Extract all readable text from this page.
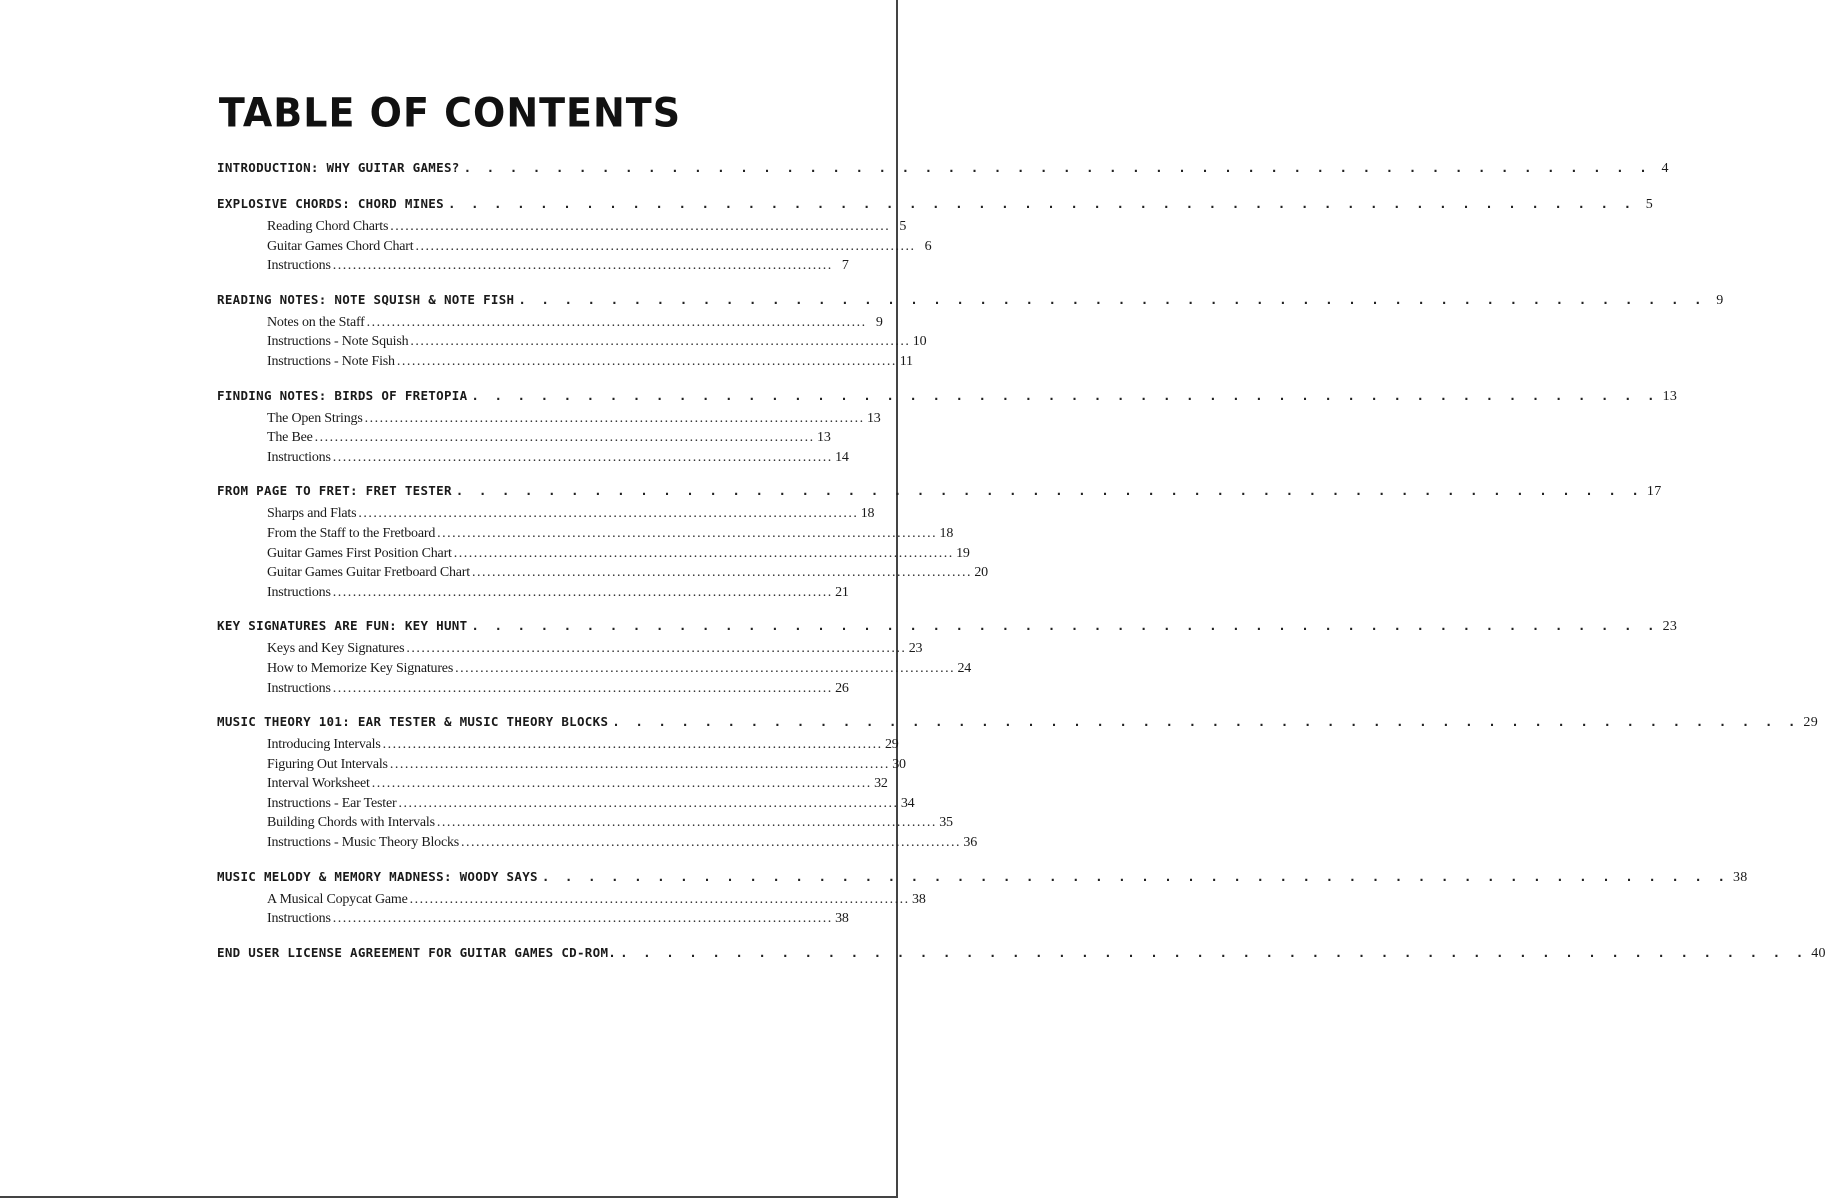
TABLE OF CONTENTS
INTRODUCTION: WHY GUITAR GAMES? . . . . . . . . . . . . . . . . . . . . . . . . . . . . . . . . . . . . . . . . . . . . . . . . . . . . 4
EXPLOSIVE CHORDS: CHORD MINES . . . . . . . . . . . . . . . . . . . . . . . . . . . . . . . . . . . . . . . . . . . . . . . . . . . . 5
Reading Chord Charts .................................................................................................... 5
Guitar Games Chord Chart .................................................................................................... 6
Instructions .................................................................................................... 7
READING NOTES: NOTE SQUISH & NOTE FISH . . . . . . . . . . . . . . . . . . . . . . . . . . . . . . . . . . . . . . . . . . . . . . . . . . . . 9
Notes on the Staff .................................................................................................... 9
Instructions - Note Squish .................................................................................................... 10
Instructions - Note Fish .................................................................................................... 11
FINDING NOTES: BIRDS OF FRETOPIA . . . . . . . . . . . . . . . . . . . . . . . . . . . . . . . . . . . . . . . . . . . . . . . . . . . . 13
The Open Strings .................................................................................................... 13
The Bee .................................................................................................... 13
Instructions .................................................................................................... 14
FROM PAGE TO FRET: FRET TESTER . . . . . . . . . . . . . . . . . . . . . . . . . . . . . . . . . . . . . . . . . . . . . . . . . . . . 17
Sharps and Flats .................................................................................................... 18
From the Staff to the Fretboard .................................................................................................... 18
Guitar Games First Position Chart .................................................................................................... 19
Guitar Games Guitar Fretboard Chart .................................................................................................... 20
Instructions .................................................................................................... 21
KEY SIGNATURES ARE FUN: KEY HUNT . . . . . . . . . . . . . . . . . . . . . . . . . . . . . . . . . . . . . . . . . . . . . . . . . . . . 23
Keys and Key Signatures .................................................................................................... 23
How to Memorize Key Signatures .................................................................................................... 24
Instructions .................................................................................................... 26
MUSIC THEORY 101: EAR TESTER & MUSIC THEORY BLOCKS . . . . . . . . . . . . . . . . . . . . . . . . . . . . . . . . . . . . . . . . . . . . . . . . . . . . 29
Introducing Intervals .................................................................................................... 29
Figuring Out Intervals .................................................................................................... 30
Interval Worksheet .................................................................................................... 32
Instructions - Ear Tester .................................................................................................... 34
Building Chords with Intervals .................................................................................................... 35
Instructions - Music Theory Blocks .................................................................................................... 36
MUSIC MELODY & MEMORY MADNESS: WOODY SAYS . . . . . . . . . . . . . . . . . . . . . . . . . . . . . . . . . . . . . . . . . . . . . . . . . . . . 38
A Musical Copycat Game .................................................................................................... 38
Instructions .................................................................................................... 38
END USER LICENSE AGREEMENT FOR GUITAR GAMES CD-ROM. . . . . . . . . . . . . . . . . . . . . . . . . . . . . . . . . . . . . . . . . . . . . . . . . . . . . 40
